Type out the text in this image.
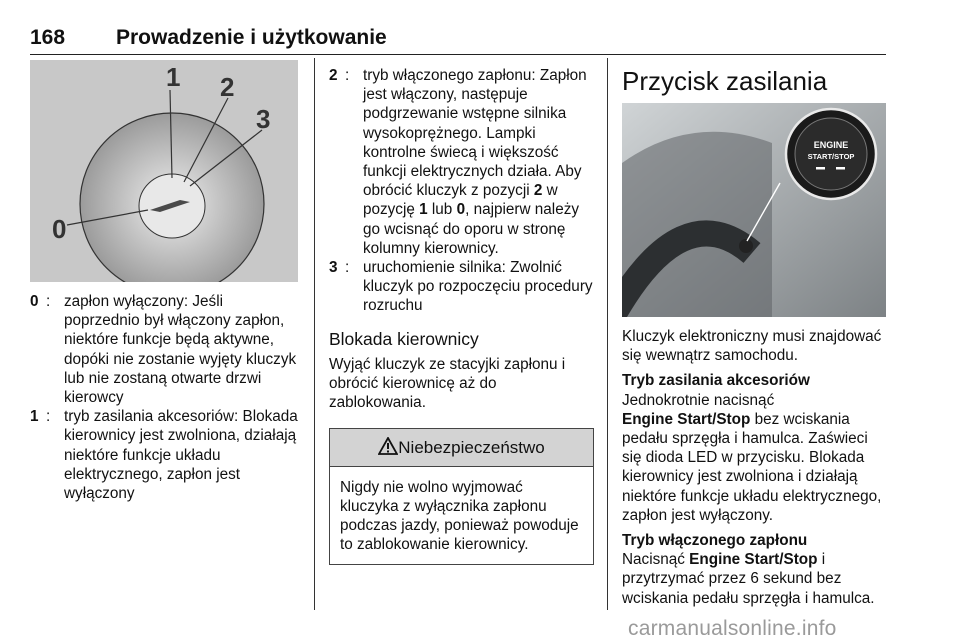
168 Prowadzenie i użytkowanie
1 2
3
0
0 : zapłon wyłączony: Jeśli poprzednio był włączony zapłon, niektóre funkcje będą aktywne, dopóki nie zostanie wyjęty kluczyk lub nie zostaną otwarte drzwi kierowcy
1 : tryb zasilania akcesoriów: Blokada kierownicy jest zwolniona, działają niektóre funkcje układu elektrycznego, zapłon jest wyłączony
2 : tryb włączonego zapłonu: Zapłon jest włączony, następuje podgrzewanie wstępne silnika wysokoprężnego. Lampki kontrolne świecą i większość funkcji elektrycznych działa. Aby obrócić kluczyk z pozycji 2 w pozycję 1 lub 0, najpierw należy go wcisnąć do oporu w stronę kolumny kierownicy.
3 : uruchomienie silnika: Zwolnić kluczyk po rozpoczęciu procedury rozruchu
Blokada kierownicy

Wyjąć kluczyk ze stacyjki zapłonu i obrócić kierownicę aż do zablokowania.

Niebezpieczeństwo
Nigdy nie wolno wyjmować kluczyka z wyłącznika zapłonu podczas jazdy, ponieważ powoduje to zablokowanie kierownicy.
Przycisk zasilania
ENGINE
START/STOP

Kluczyk elektroniczny musi znajdować się wewnątrz samochodu.

Tryb zasilania akcesoriów

Jednokrotnie nacisnąć

Engine Start/Stop bez wciskania pedału sprzęgła i hamulca. Zaświeci się dioda LED w przycisku. Blokada kierownicy jest zwolniona i działają niektóre funkcje układu elektrycznego, zapłon jest wyłączony.

Tryb włączonego zapłonu

Nacisnąć Engine Start/Stop i przytrzymać przez 6 sekund bez wciskania pedału sprzęgła i hamulca.

carmanualsonline.info
